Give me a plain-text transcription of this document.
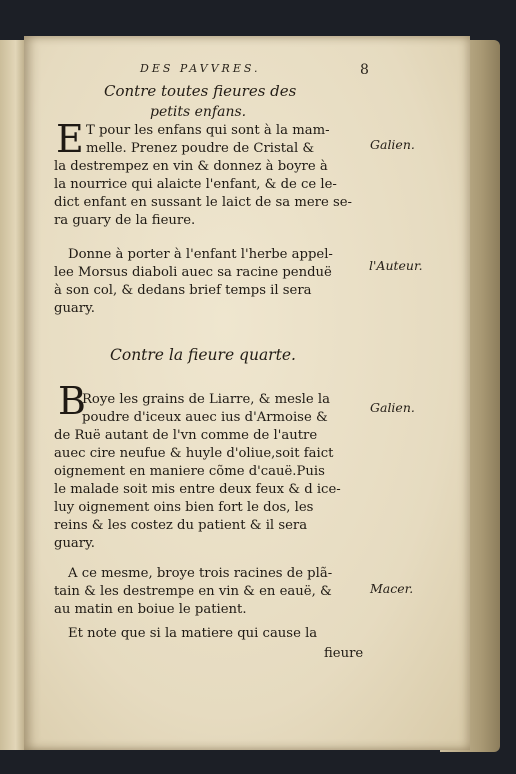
DES PAVVRES.	8
Contre toutes fieures des
petits enfans.
E T pour les enfans qui sont à la mam-
melle. Prenez poudre de Cristal &
la destrempez en vin & donnez à boyre à
la nourrice qui alaicte l'enfant, & de ce le-
dict enfant en sussant le laict de sa mere se-
ra guary de la fieure.
Donne à porter à l'enfant l'herbe appel-
lee Morsus diaboli auec sa racine penduë
à son col, & dedans brief temps il sera
guary.
Galien.
l'Auteur.
Contre la fieure quarte.
B
Roye les grains de Liarre, & mesle la
poudre d'iceux auec ius d'Armoise &
de Ruë autant de l'vn comme de l'autre
auec cire neufue & huyle d'oliue,soit faict
oignement en maniere cõme d'cauë.Puis
le malade soit mis entre deux feux & d ice-
luy oignement oins bien fort le dos, les
reins & les costez du patient & il sera
guary.
A ce mesme, broye trois racines de plã-
tain & les destrempe en vin & en eauë, &
au matin en boiue le patient.
Et note que si la matiere qui cause la
fieure
Galien.
Macer.
